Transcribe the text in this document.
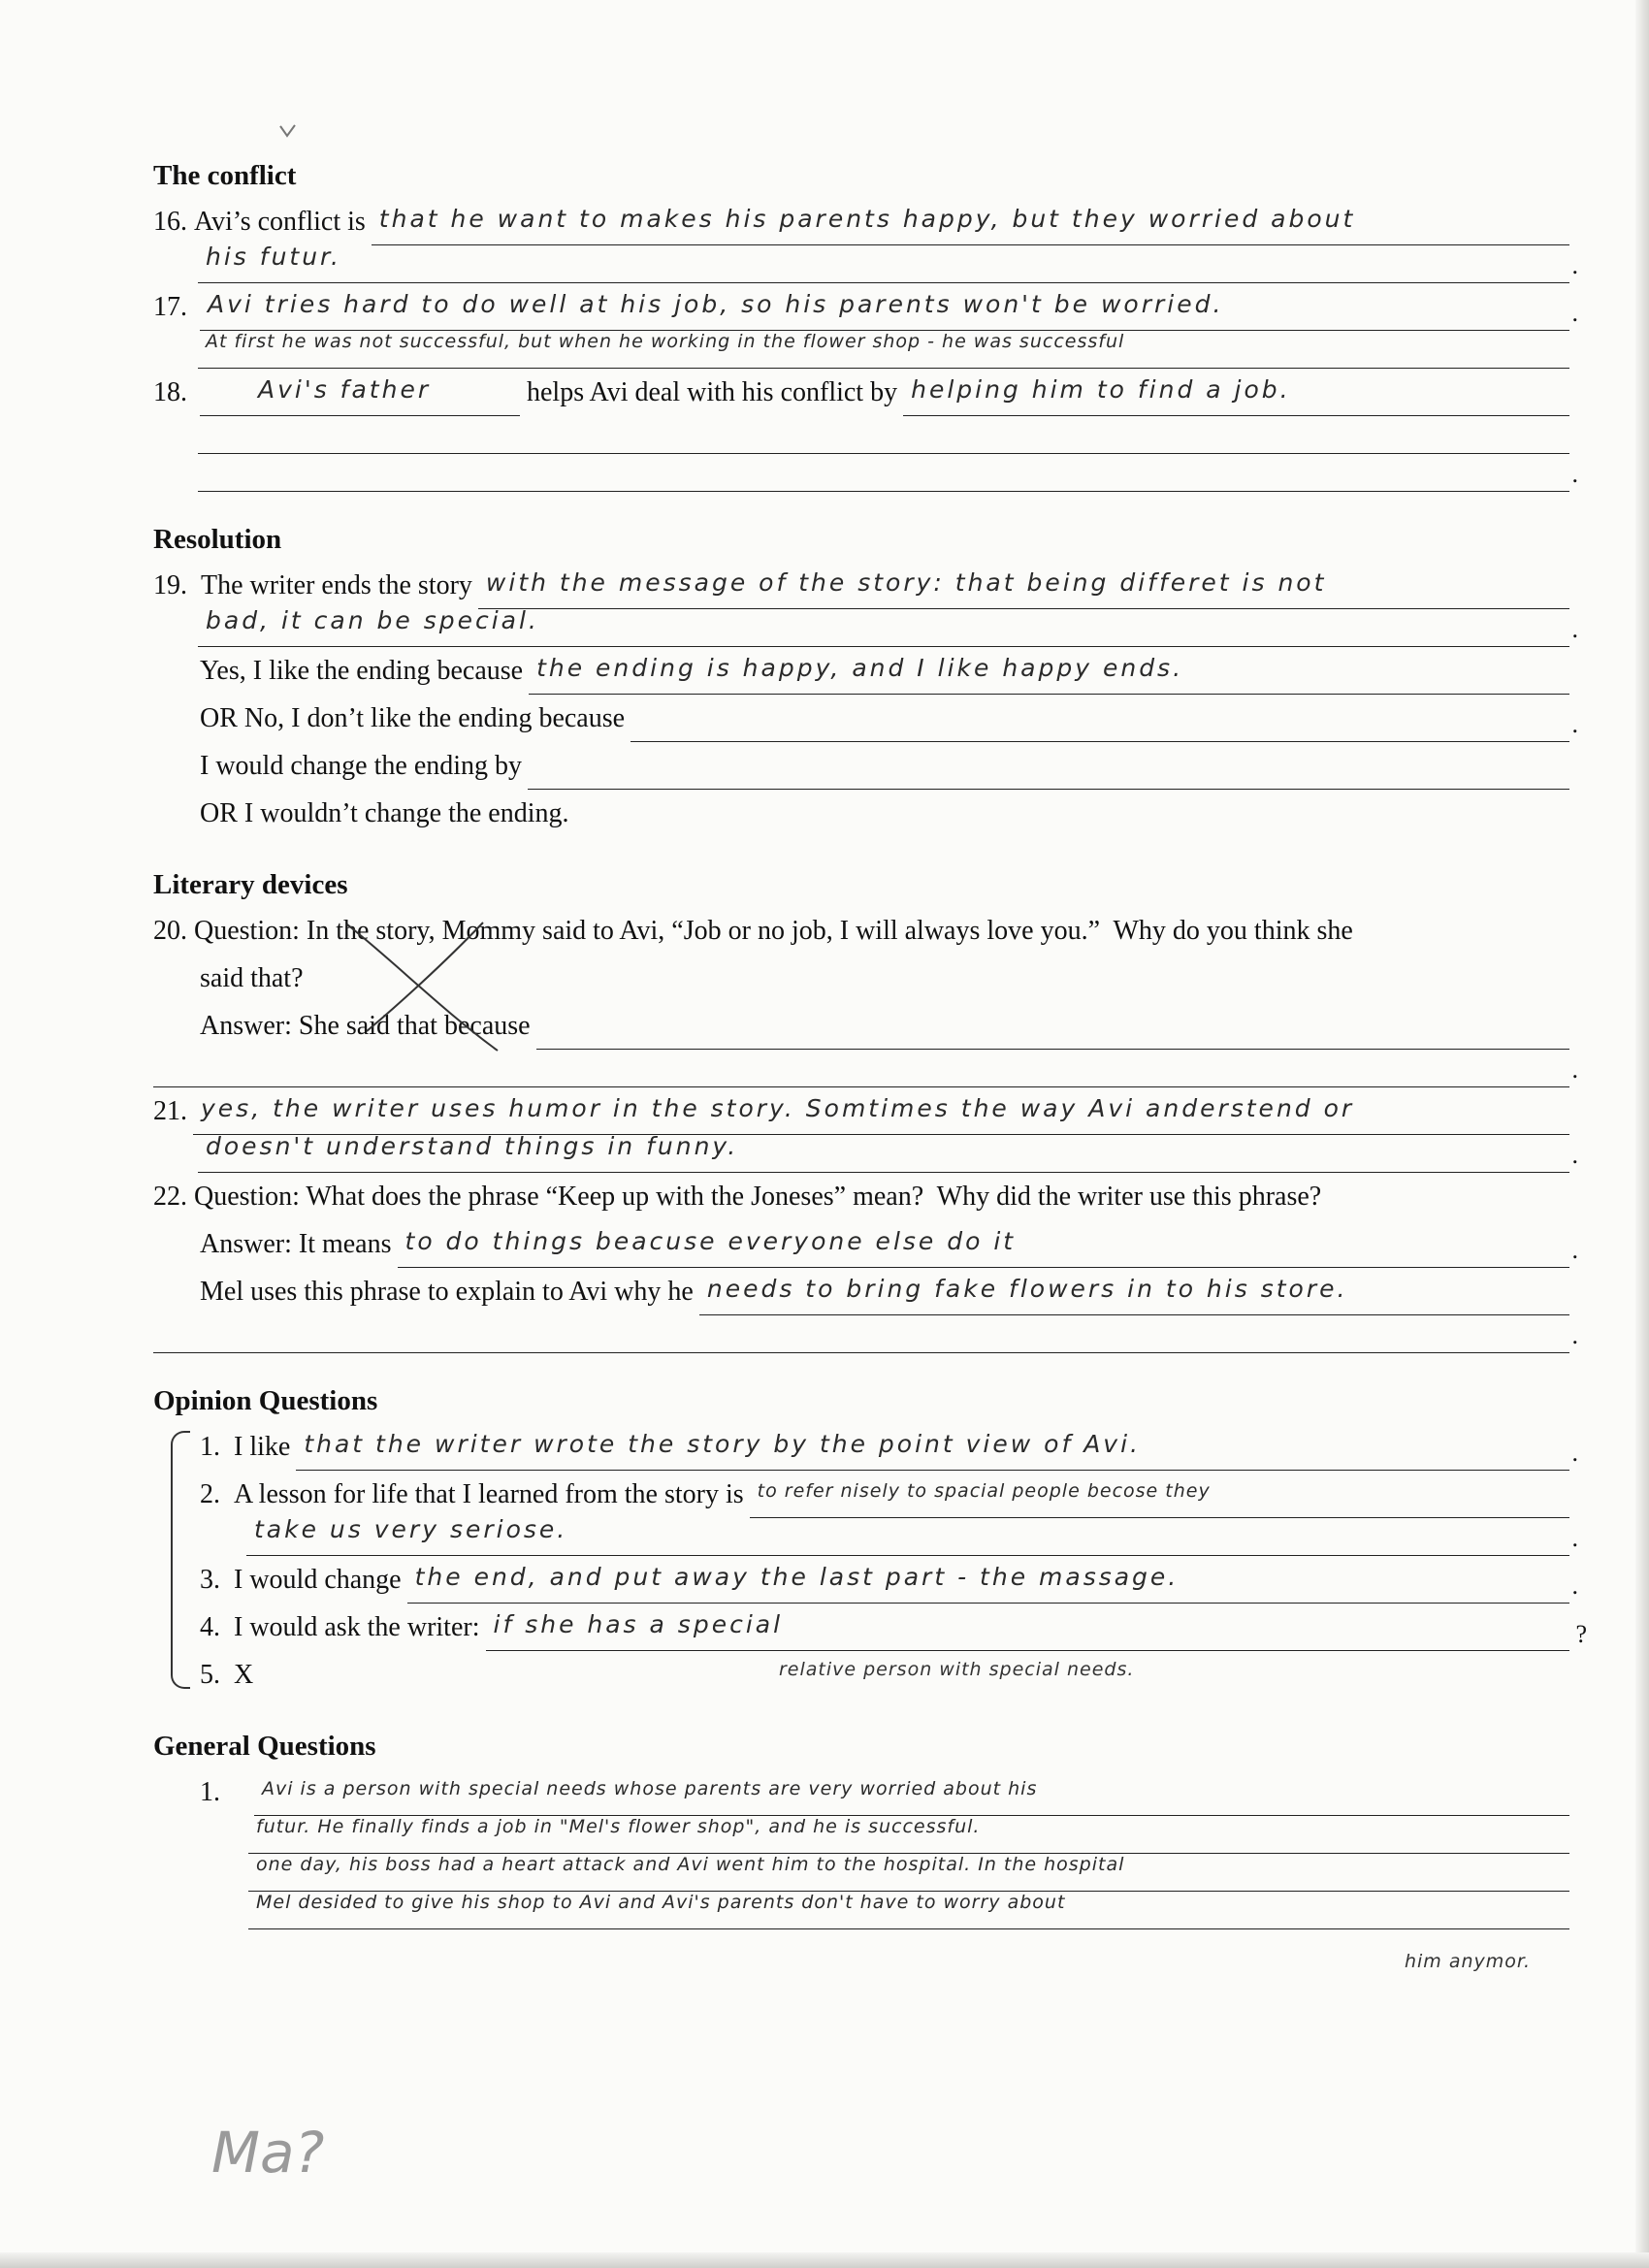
The conflict
16. Avi’s conflict is that he want to makes his parents happy, but they worried about
his futur.
.
17. Avi tries hard to do well at his job, so his parents won't be worried.
.
At first he was not successful, but when he working in the flower shop - he was successful
18.	Avi's father	helps Avi deal with his conflict by helping him to find a job.
.
Resolution
19. The writer ends the story with the message of the story: that being differet is not
bad, it can be special.
.
Yes, I like the ending because the ending is happy, and I like happy ends.
OR No, I don’t like the ending because
.
I would change the ending by
OR I wouldn’t change the ending.
Literary devices
20. Question: In the story, Mommy said to Avi, “Job or no job, I will always love you.”  Why do you think she
said that?
Answer: She said that because
.
21. yes, the writer uses humor in the story. Somtimes the way Avi anderstend or
doesn't understand things in funny.
.
22. Question: What does the phrase “Keep up with the Joneses” mean?  Why did the writer use this phrase?
Answer: It means to do things beacuse everyone else do it
.
Mel uses this phrase to explain to Avi why he needs to bring fake flowers in to his store.
.
Opinion Questions
1. I like that the writer wrote the story by the point view of Avi.
.
2. A lesson for life that I learned from the story is to refer nisely to spacial people becose they
take us very seriose.
.
3. I would change the end, and put away the last part - the massage.
.
4. I would ask the writer: if she has a special
?
relative person with special needs.
5. X
General Questions
1.	Avi is a person with special needs whose parents are very worried about his
futur. He finally finds a job in "Mel's flower shop", and he is successful.
one day, his boss had a heart attack and Avi went him to the hospital. In the hospital
Mel desided to give his shop to Avi and Avi's parents don't have to worry about
him anymor.
Ma?
